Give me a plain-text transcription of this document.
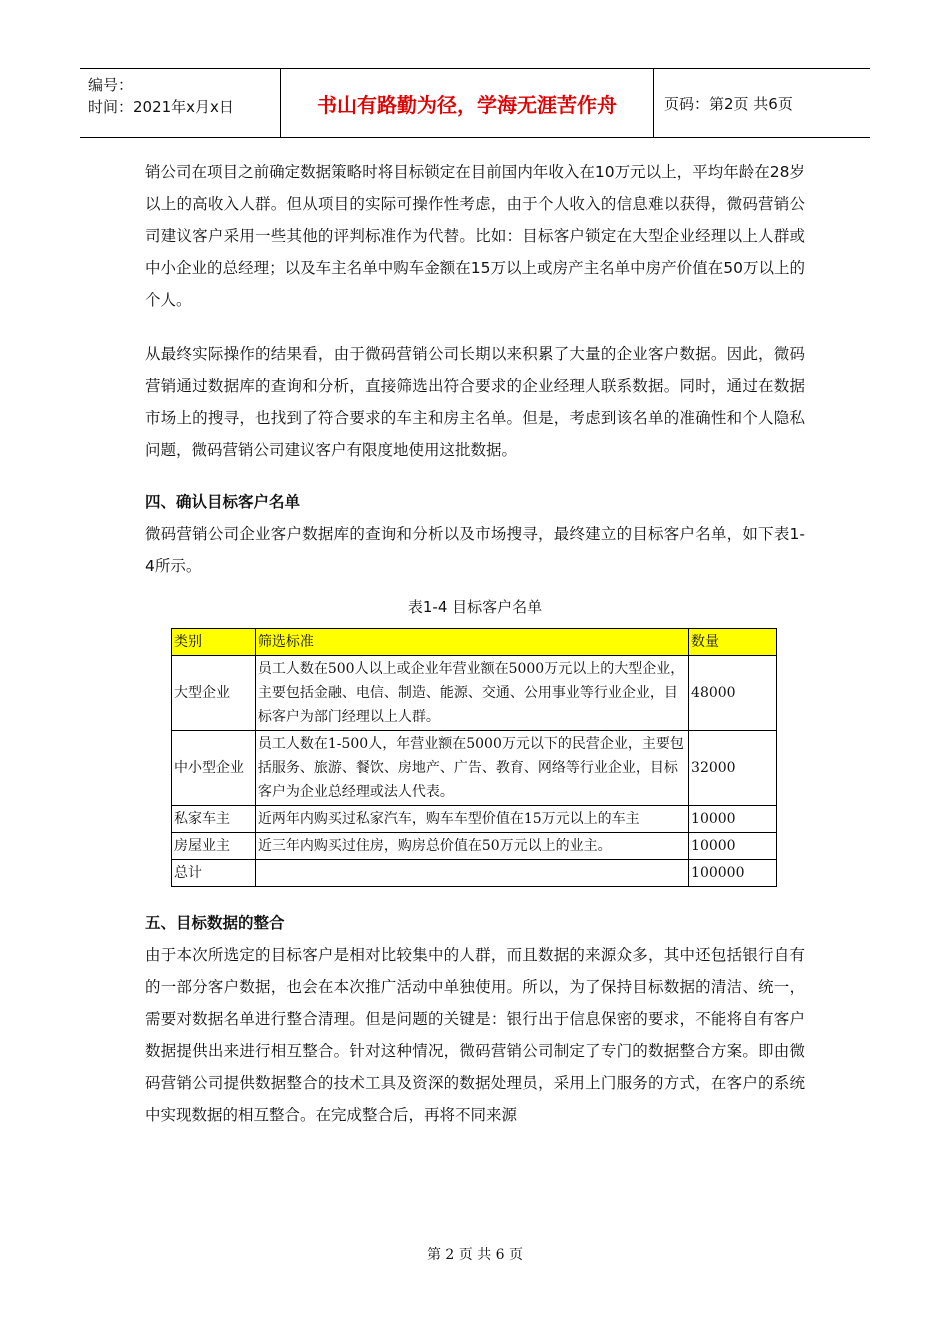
编号：
时间：2021年x月x日	书山有路勤为径，学海无涯苦作舟	页码：第2页 共6页

销公司在项目之前确定数据策略时将目标锁定在目前国内年收入在10万元以上，平均年龄在28岁以上的高收入人群。但从项目的实际可操作性考虑，由于个人收入的信息难以获得，微码营销公司建议客户采用一些其他的评判标准作为代替。比如：目标客户锁定在大型企业经理以上人群或中小企业的总经理；以及车主名单中购车金额在15万以上或房产主名单中房产价值在50万以上的个人。

从最终实际操作的结果看，由于微码营销公司长期以来积累了大量的企业客户数据。因此，微码营销通过数据库的查询和分析，直接筛选出符合要求的企业经理人联系数据。同时，通过在数据市场上的搜寻，也找到了符合要求的车主和房主名单。但是，考虑到该名单的准确性和个人隐私问题，微码营销公司建议客户有限度地使用这批数据。

四、确认目标客户名单

微码营销公司企业客户数据库的查询和分析以及市场搜寻，最终建立的目标客户名单，如下表1-4所示。

表1-4 目标客户名单
类别	筛选标准	数量
大型企业	员工人数在500人以上或企业年营业额在5000万元以上的大型企业，主要包括金融、电信、制造、能源、交通、公用事业等行业企业，目标客户为部门经理以上人群。	48000
中小型企业	员工人数在1-500人，年营业额在5000万元以下的民营企业，主要包括服务、旅游、餐饮、房地产、广告、教育、网络等行业企业，目标客户为企业总经理或法人代表。	32000
私家车主	近两年内购买过私家汽车，购车车型价值在15万元以上的车主	10000
房屋业主	近三年内购买过住房，购房总价值在50万元以上的业主。	10000
总计		100000
五、目标数据的整合

由于本次所选定的目标客户是相对比较集中的人群，而且数据的来源众多，其中还包括银行自有的一部分客户数据，也会在本次推广活动中单独使用。所以，为了保持目标数据的清洁、统一，需要对数据名单进行整合清理。但是问题的关键是：银行出于信息保密的要求，不能将自有客户数据提供出来进行相互整合。针对这种情况，微码营销公司制定了专门的数据整合方案。即由微码营销公司提供数据整合的技术工具及资深的数据处理员，采用上门服务的方式，在客户的系统中实现数据的相互整合。在完成整合后，再将不同来源

第 2 页 共 6 页
